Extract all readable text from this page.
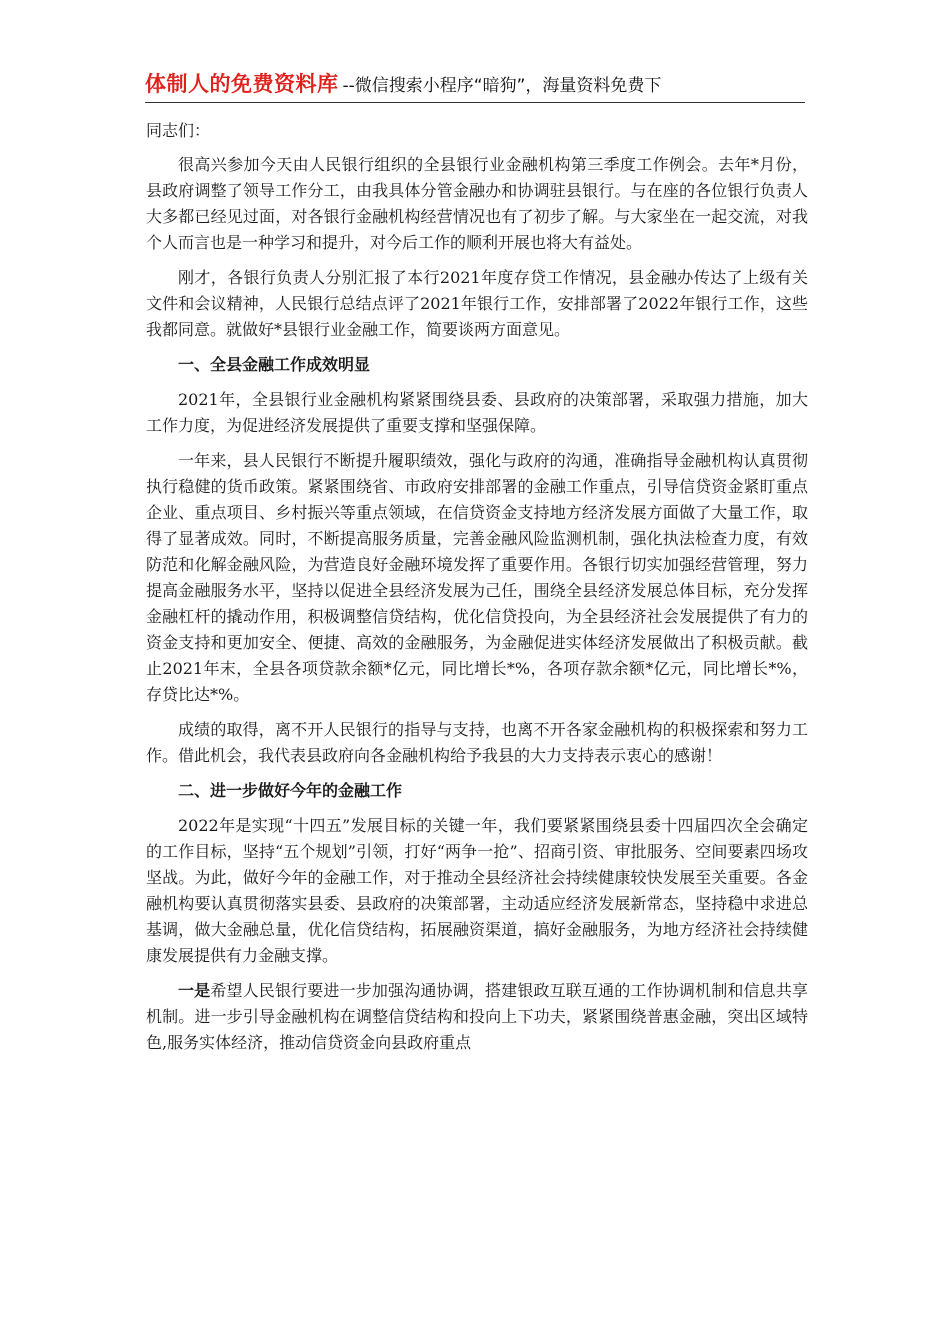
体制人的免费资料库 --微信搜索小程序“暗狗”，海量资料免费下

同志们：

很高兴参加今天由人民银行组织的全县银行业金融机构第三季度工作例会。去年*月份，县政府调整了领导工作分工，由我具体分管金融办和协调驻县银行。与在座的各位银行负责人大多都已经见过面，对各银行金融机构经营情况也有了初步了解。与大家坐在一起交流，对我个人而言也是一种学习和提升，对今后工作的顺利开展也将大有益处。

刚才，各银行负责人分别汇报了本行2021年度存贷工作情况，县金融办传达了上级有关文件和会议精神，人民银行总结点评了2021年银行工作，安排部署了2022年银行工作，这些我都同意。就做好*县银行业金融工作，简要谈两方面意见。

一、全县金融工作成效明显

2021年，全县银行业金融机构紧紧围绕县委、县政府的决策部署，采取强力措施，加大工作力度，为促进经济发展提供了重要支撑和坚强保障。

一年来，县人民银行不断提升履职绩效，强化与政府的沟通，准确指导金融机构认真贯彻执行稳健的货币政策。紧紧围绕省、市政府安排部署的金融工作重点，引导信贷资金紧盯重点企业、重点项目、乡村振兴等重点领域，在信贷资金支持地方经济发展方面做了大量工作，取得了显著成效。同时，不断提高服务质量，完善金融风险监测机制，强化执法检查力度，有效防范和化解金融风险，为营造良好金融环境发挥了重要作用。各银行切实加强经营管理，努力提高金融服务水平，坚持以促进全县经济发展为己任，围绕全县经济发展总体目标，充分发挥金融杠杆的撬动作用，积极调整信贷结构，优化信贷投向，为全县经济社会发展提供了有力的资金支持和更加安全、便捷、高效的金融服务，为金融促进实体经济发展做出了积极贡献。截止2021年末，全县各项贷款余额*亿元，同比增长*%，各项存款余额*亿元，同比增长*%，存贷比达*%。

成绩的取得，离不开人民银行的指导与支持，也离不开各家金融机构的积极探索和努力工作。借此机会，我代表县政府向各金融机构给予我县的大力支持表示衷心的感谢！

二、进一步做好今年的金融工作

2022年是实现“十四五”发展目标的关键一年，我们要紧紧围绕县委十四届四次全会确定的工作目标，坚持“五个规划”引领，打好“两争一抢”、招商引资、审批服务、空间要素四场攻坚战。为此，做好今年的金融工作，对于推动全县经济社会持续健康较快发展至关重要。各金融机构要认真贯彻落实县委、县政府的决策部署，主动适应经济发展新常态，坚持稳中求进总基调，做大金融总量，优化信贷结构，拓展融资渠道，搞好金融服务，为地方经济社会持续健康发展提供有力金融支撑。

一是希望人民银行要进一步加强沟通协调，搭建银政互联互通的工作协调机制和信息共享机制。进一步引导金融机构在调整信贷结构和投向上下功夫，紧紧围绕普惠金融，突出区域特色,服务实体经济，推动信贷资金向县政府重点
